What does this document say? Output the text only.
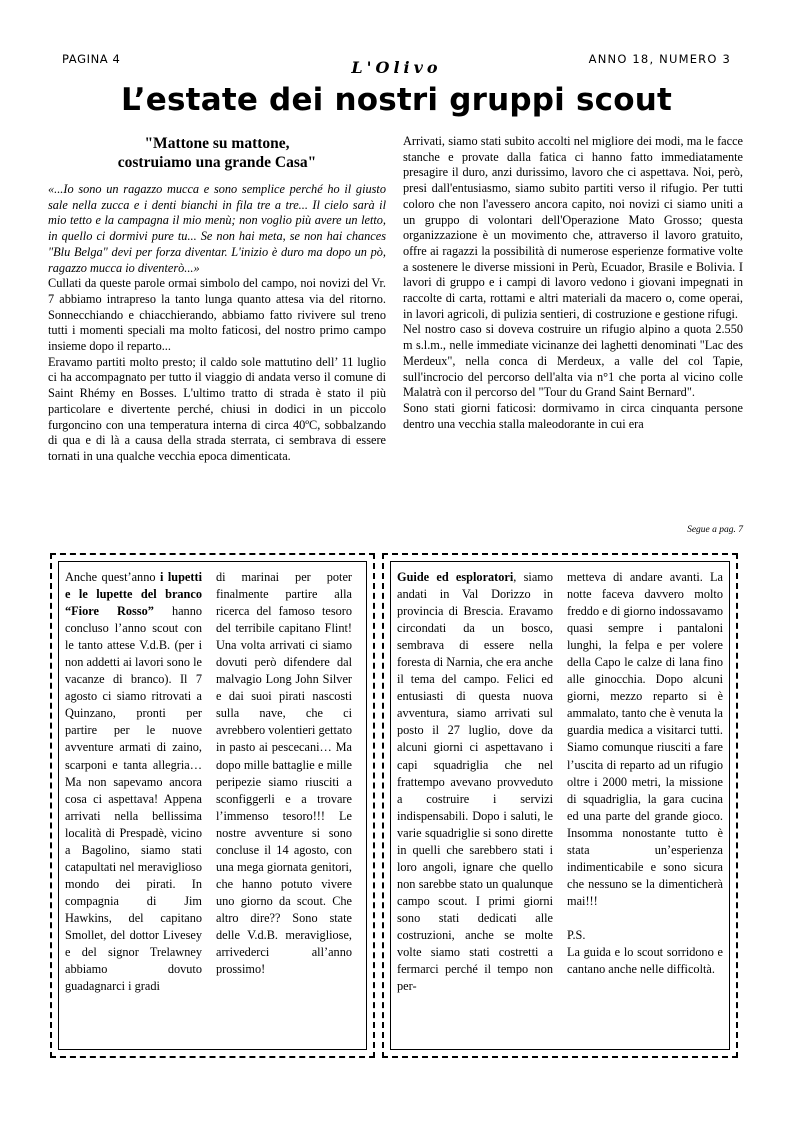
PAGINA 4	L'Olivo	ANNO 18, NUMERO 3
L’estate dei nostri gruppi scout
"Mattone su mattone,
costruiamo una grande Casa"

«...Io sono un ragazzo mucca e sono semplice perché ho il giusto sale nella zucca e i denti bianchi in fila tre a tre... Il cielo sarà il mio tetto e la campagna il mio menù; non voglio più avere un letto, in quello ci dormivi pure tu... Se non hai meta, se non hai chances "Blu Belga" devi per forza diventar. L'inizio è duro ma dopo un pò, ragazzo mucca io diventerò...»

Cullati da queste parole ormai simbolo del campo, noi novizi del Vr. 7 abbiamo intrapreso la tanto lunga quanto attesa via del ritorno. Sonnecchiando e chiacchierando, abbiamo fatto rivivere sul treno tutti i momenti speciali ma molto faticosi, del nostro primo campo insieme dopo il reparto...

Eravamo partiti molto presto; il caldo sole mattutino dell’ 11 luglio ci ha accompagnato per tutto il viaggio di andata verso il comune di Saint Rhémy en Bosses. L'ultimo tratto di strada è stato il più particolare e divertente perché, chiusi in dodici in un piccolo furgoncino con una temperatura interna di circa 40ºC, sobbalzando di qua e di là a causa della strada sterrata, ci sembrava di essere tornati in una qualche vecchia epoca dimenticata.

Arrivati, siamo stati subito accolti nel migliore dei modi, ma le facce stanche e provate dalla fatica ci hanno fatto immediatamente presagire il duro, anzi durissimo, lavoro che ci aspettava. Noi, però, presi dall'entusiasmo, siamo subito partiti verso il rifugio. Per tutti coloro che non l'avessero ancora capito, noi novizi ci siamo uniti a un gruppo di volontari dell'Operazione Mato Grosso; questa organizzazione è un movimento che, attraverso il lavoro gratuito, offre ai ragazzi la possibilità di numerose esperienze formative volte a sostenere le diverse missioni in Perù, Ecuador, Brasile e Bolivia. I lavori di gruppo e i campi di lavoro vedono i giovani impegnati in raccolte di carta, rottami e altri materiali da macero o, come operai, in lavori agricoli, di pulizia sentieri, di costruzione e gestione rifugi.

Nel nostro caso si doveva costruire un rifugio alpino a quota 2.550 m s.l.m., nelle immediate vicinanze dei laghetti denominati "Lac des Merdeux", nella conca di Merdeux, a valle del col Tapie, sull'incrocio del percorso dell'alta via n°1 che porta al vicino colle Malatrà con il percorso del "Tour du Grand Saint Bernard".

Sono stati giorni faticosi: dormivamo in circa cinquanta persone dentro una vecchia stalla maleodorante in cui era

Segue a pag. 7

Anche quest’anno i lupetti e le lupette del branco “Fiore Rosso” hanno concluso l’anno scout con le tanto attese V.d.B. (per i non addetti ai lavori sono le vacanze di branco). Il 7 agosto ci siamo ritrovati a Quinzano, pronti per partire per le nuove avventure armati di zaino, scarponi e tanta allegria… Ma non sapevamo ancora cosa ci aspettava! Appena arrivati nella bellissima località di Prespadè, vicino a Bagolino, siamo stati catapultati nel meraviglioso mondo dei pirati. In compagnia di Jim Hawkins, del capitano Smollet, del dottor Livesey e del signor Trelawney abbiamo dovuto guadagnarci i gradi

di marinai per poter finalmente partire alla ricerca del famoso tesoro del terribile capitano Flint! Una volta arrivati ci siamo dovuti però difendere dal malvagio Long John Silver e dai suoi pirati nascosti sulla nave, che ci avrebbero volentieri gettato in pasto ai pescecani… Ma dopo mille battaglie e mille peripezie siamo riusciti a sconfiggerli e a trovare l’immenso tesoro!!! Le nostre avventure si sono concluse il 14 agosto, con una mega giornata genitori, che hanno potuto vivere uno giorno da scout. Che altro dire?? Sono state delle V.d.B. meravigliose, arrivederci all’anno prossimo!

Guide ed esploratori, siamo andati in Val Dorizzo in provincia di Brescia. Eravamo circondati da un bosco, sembrava di essere nella foresta di Narnia, che era anche il tema del campo. Felici ed entusiasti di questa nuova avventura, siamo arrivati sul posto il 27 luglio, dove da alcuni giorni ci aspettavano i capi squadriglia che nel frattempo avevano provveduto a costruire i servizi indispensabili. Dopo i saluti, le varie squadriglie si sono dirette in quelli che sarebbero stati i loro angoli, ignare che quello non sarebbe stato un qualunque campo scout. I primi giorni sono stati dedicati alle costruzioni, anche se molte volte siamo stati costretti a fermarci perché il tempo non per-

metteva di andare avanti. La notte faceva davvero molto freddo e di giorno indossavamo quasi sempre i pantaloni lunghi, la felpa e per volere della Capo le calze di lana fino alle ginocchia. Dopo alcuni giorni, mezzo reparto si è ammalato, tanto che è venuta la guardia medica a visitarci tutti. Siamo comunque riusciti a fare l’uscita di reparto ad un rifugio oltre i 2000 metri, la missione di squadriglia, la gara cucina ed una parte del grande gioco. Insomma nonostante tutto è stata un’esperienza indimenticabile e sono sicura che nessuno se la dimenticherà mai!!!

P.S.

La guida e lo scout sorridono e cantano anche nelle difficoltà.
